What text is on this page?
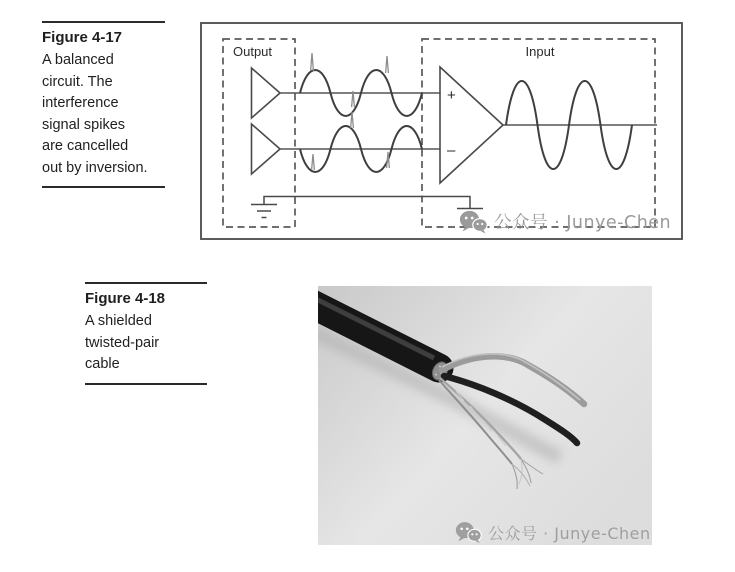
Figure 4-17
A balanced
circuit. The
interference
signal spikes
are cancelled
out by inversion.
Output	Input
+
–
公众号 · Junye-Chen
Figure 4-18
A shielded
twisted-pair
cable
公众号 · Junye-Chen
